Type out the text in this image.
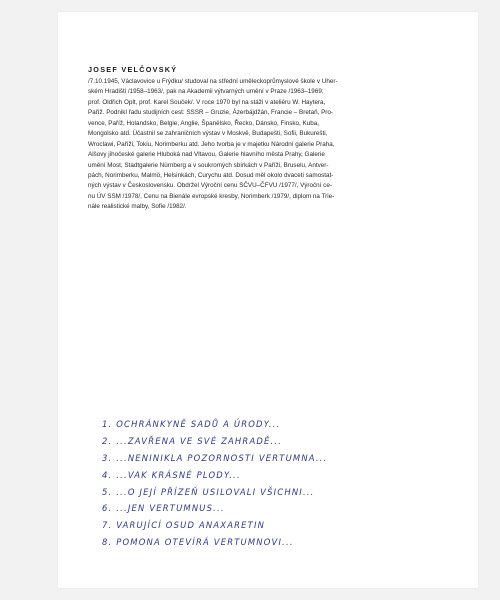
JOSEF VELČOVSKÝ
/7.10.1945, Václavovice u Frýdku/ studoval na střední uměleckoprůmyslové škole v Uher-
ském Hradišti /1958–1963/, pak na Akademii výtvarných umění v Praze /1963–1969;
prof. Oldřich Oplt, prof. Karel Souček/. V roce 1970 byl na stáži v ateliéru W. Haytera,
Paříž. Podnikl řadu studijních cest: SSSR – Gruzie, Ázerbájdžán, Francie – Bretaň, Pro-
vence, Paříž, Holandsko, Belgie, Anglie, Španělsko, Řecko, Dánsko, Finsko, Kuba,
Mongolsko atd. Účastnil se zahraničních výstav v Moskvě, Budapešti, Sofii, Bukurešti,
Wroclawi, Paříži, Tokiu, Norimberku atd. Jeho tvorba je v majetku Národní galerie Praha,
Alšovy jihočeské galerie Hluboká nad Vltavou, Galerie hlavního města Prahy, Galerie
umění Most, Stadtgalerie Nürnberg a v soukromých sbírkách v Paříži, Bruselu, Antver-
pách, Norimberku, Malmö, Helsinkách, Curychu atd. Dosud měl okolo dvaceti samostat-
ných výstav v Československu. Obdržel Výroční cenu SČVU–ČFVU /1977/, Výroční ce-
nu ÚV SSM /1978/, Cenu na Bienále evropské kresby, Norimberk /1979/, diplom na Trie-
nále realistické malby, Sofie /1982/.
1. OCHRÁNKYNĚ SADŮ A ÚRODY...
2. ...ZAVŘENA VE SVÉ ZAHRADĚ...
3. ...NENINIKLA POZORNOSTI VERTUMNA...
4. ...VAK KRÁSNÉ PLODY...
5. ...O JEJÍ PŘÍZEŇ USILOVALI VŠICHNI...
6. ...JEN VERTUMNUS...
7. VARUJÍCÍ OSUD ANAXARETIN
8. POMONA OTEVÍRÁ VERTUMNOVI...
